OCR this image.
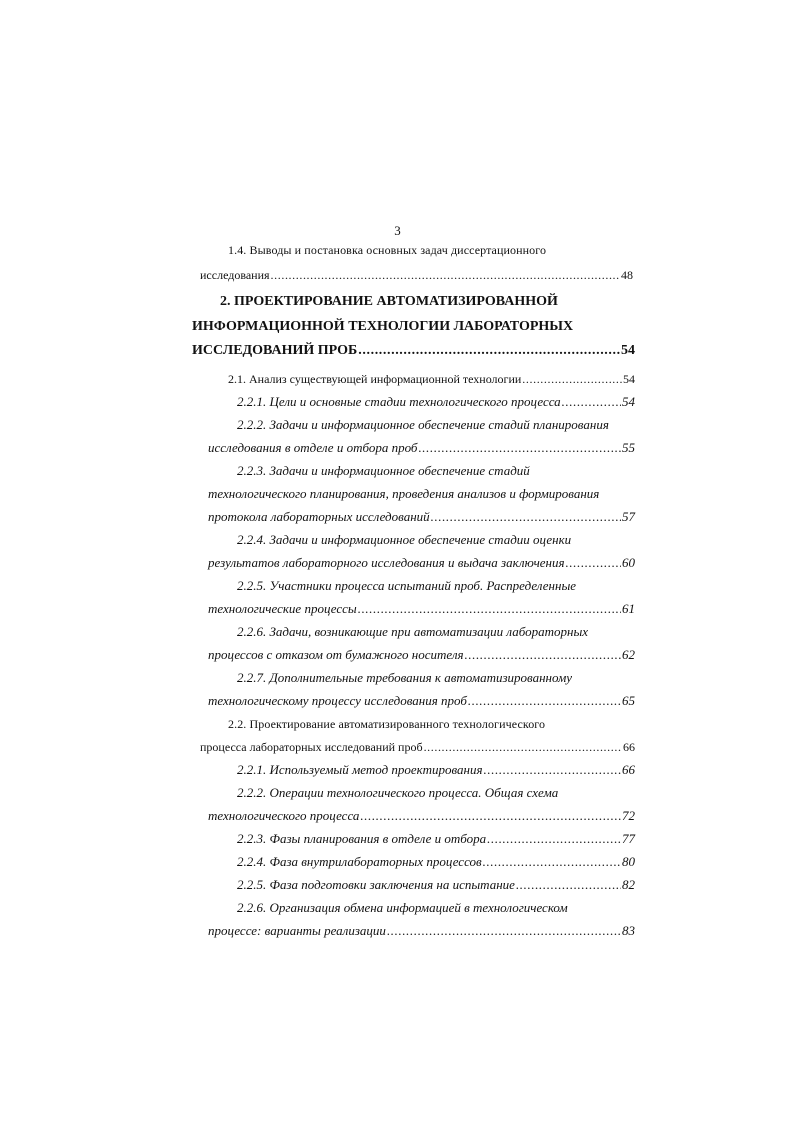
3
1.4. Выводы и постановка основных задач диссертационного
исследования .....	48
2. ПРОЕКТИРОВАНИЕ АВТОМАТИЗИРОВАННОЙ
ИНФОРМАЦИОННОЙ ТЕХНОЛОГИИ ЛАБОРАТОРНЫХ
ИССЛЕДОВАНИЙ ПРОБ .....	54
2.1. Анализ существующей информационной технологии .....	54
2.2.1. Цели и основные стадии технологического процесса .....	54
2.2.2. Задачи и информационное обеспечение стадий планирования
исследования в отделе и отбора проб .....	55
2.2.3. Задачи и информационное обеспечение стадий
технологического планирования, проведения анализов и формирования
протокола лабораторных исследований .....	57
2.2.4. Задачи и информационное обеспечение стадии оценки
результатов лабораторного исследования и выдача заключения .....	60
2.2.5. Участники процесса испытаний проб. Распределенные
технологические процессы .....	61
2.2.6. Задачи, возникающие при автоматизации лабораторных
процессов с отказом от бумажного носителя .....	62
2.2.7. Дополнительные требования к автоматизированному
технологическому процессу исследования проб .....	65
2.2. Проектирование автоматизированного технологического
процесса лабораторных исследований проб .....	66
2.2.1. Используемый метод проектирования .....	66
2.2.2. Операции технологического процесса. Общая схема
технологического процесса .....	72
2.2.3. Фазы планирования в отделе и отбора .....	77
2.2.4. Фаза внутрилабораторных процессов .....	80
2.2.5. Фаза подготовки заключения на испытание .....	82
2.2.6. Организация обмена информацией в технологическом
процессе: варианты реализации .....	83
